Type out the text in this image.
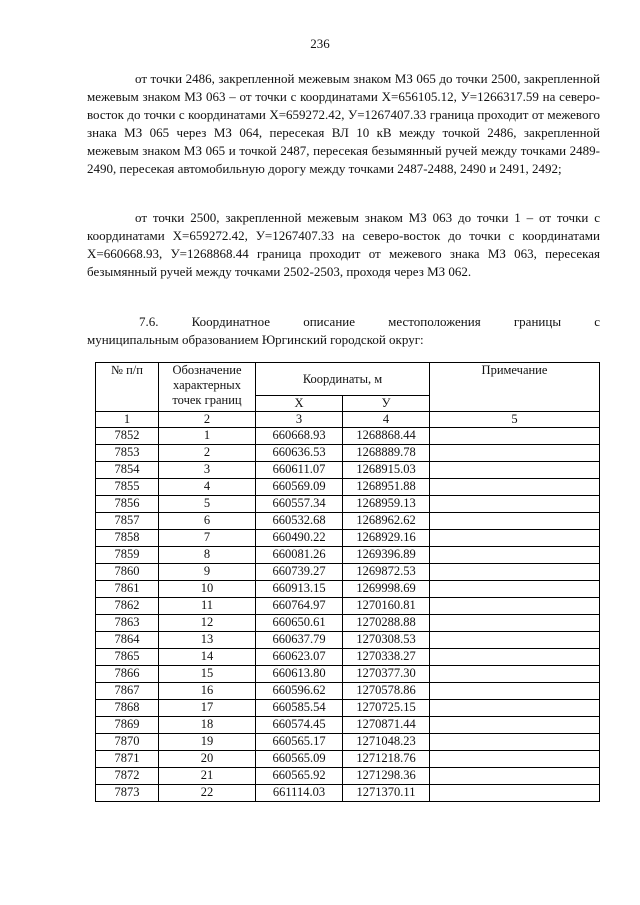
236

от точки 2486, закрепленной межевым знаком МЗ 065 до точки 2500, закрепленной межевым знаком МЗ 063 – от точки с координатами Х=656105.12, У=1266317.59 на северо-восток до точки с координатами Х=659272.42, У=1267407.33 граница проходит от межевого знака МЗ 065 через МЗ 064, пересекая ВЛ 10 кВ между точкой 2486, закрепленной межевым знаком МЗ 065 и точкой 2487, пересекая безымянный ручей между точками 2489-2490, пересекая автомобильную дорогу между точками 2487-2488, 2490 и 2491, 2492;

от точки 2500, закрепленной межевым знаком МЗ 063 до точки 1 – от точки с координатами Х=659272.42, У=1267407.33 на северо-восток до точки с координатами Х=660668.93, У=1268868.44 граница проходит от межевого знака МЗ 063, пересекая безымянный ручей между точками 2502-2503, проходя через МЗ 062.

7.6.	Координатное	описание	местоположения	границы	с

муниципальным образованием Юргинский городской округ:

№ п/п	Обозначение характерных точек границ	Координаты, м		Примечание
		Х	У	
1	2	3	4	5
7852	1	660668.93	1268868.44	
7853	2	660636.53	1268889.78	
7854	3	660611.07	1268915.03	
7855	4	660569.09	1268951.88	
7856	5	660557.34	1268959.13	
7857	6	660532.68	1268962.62	
7858	7	660490.22	1268929.16	
7859	8	660081.26	1269396.89	
7860	9	660739.27	1269872.53	
7861	10	660913.15	1269998.69	
7862	11	660764.97	1270160.81	
7863	12	660650.61	1270288.88	
7864	13	660637.79	1270308.53	
7865	14	660623.07	1270338.27	
7866	15	660613.80	1270377.30	
7867	16	660596.62	1270578.86	
7868	17	660585.54	1270725.15	
7869	18	660574.45	1270871.44	
7870	19	660565.17	1271048.23	
7871	20	660565.09	1271218.76	
7872	21	660565.92	1271298.36	
7873	22	661114.03	1271370.11	
